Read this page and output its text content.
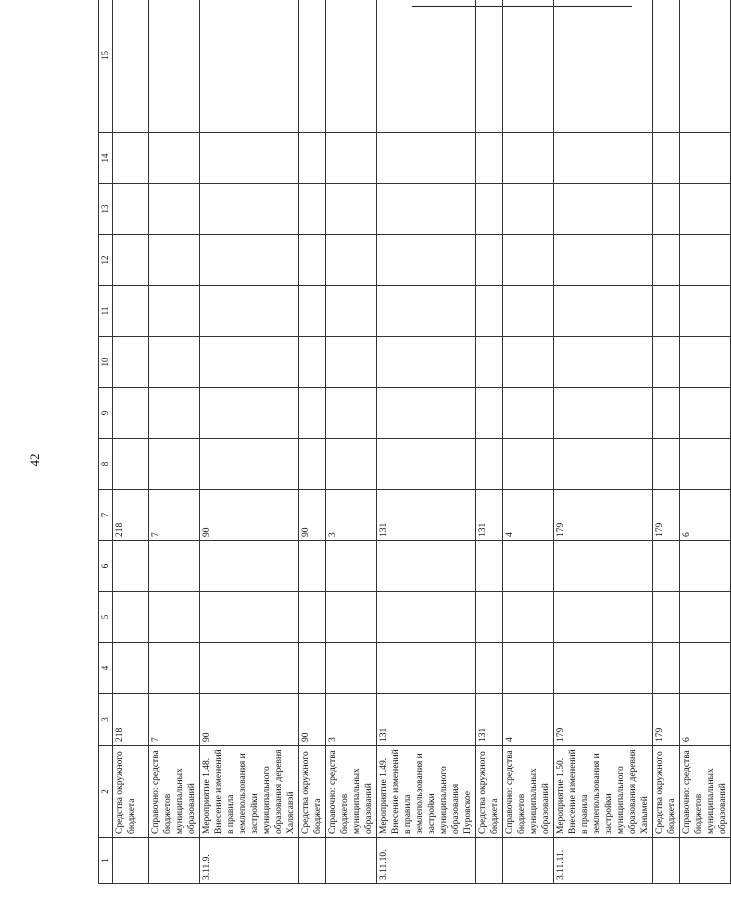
42
1	2	3	4	5	6	7	8	9	10	11	12	13	14	15
	Средства окружного бюджета	218				218								
	Справочно: средства бюджетов муниципальных образований	7				7								
3.11.9.	Мероприятие 1.48. Внесение изменений в правила землепользования и застройки муниципального образования деревня Халясавэй	90				90								
	Средства окружного бюджета	90				90								
	Справочно: средства бюджетов муниципальных образований	3				3								
3.11.10.	Мероприятие 1.49. Внесение изменений в правила землепользования и застройки муниципального образования Пуровское	131				131								
	Средства окружного бюджета	131				131								
	Справочно: средства бюджетов муниципальных образований	4				4								
3.11.11.	Мероприятие 1.50. Внесение изменений в правила землепользования и застройки муниципального образования деревня Ханымей	179				179								
	Средства окружного бюджета	179				179								
	Справочно: средства бюджетов муниципальных образований	6				6								
